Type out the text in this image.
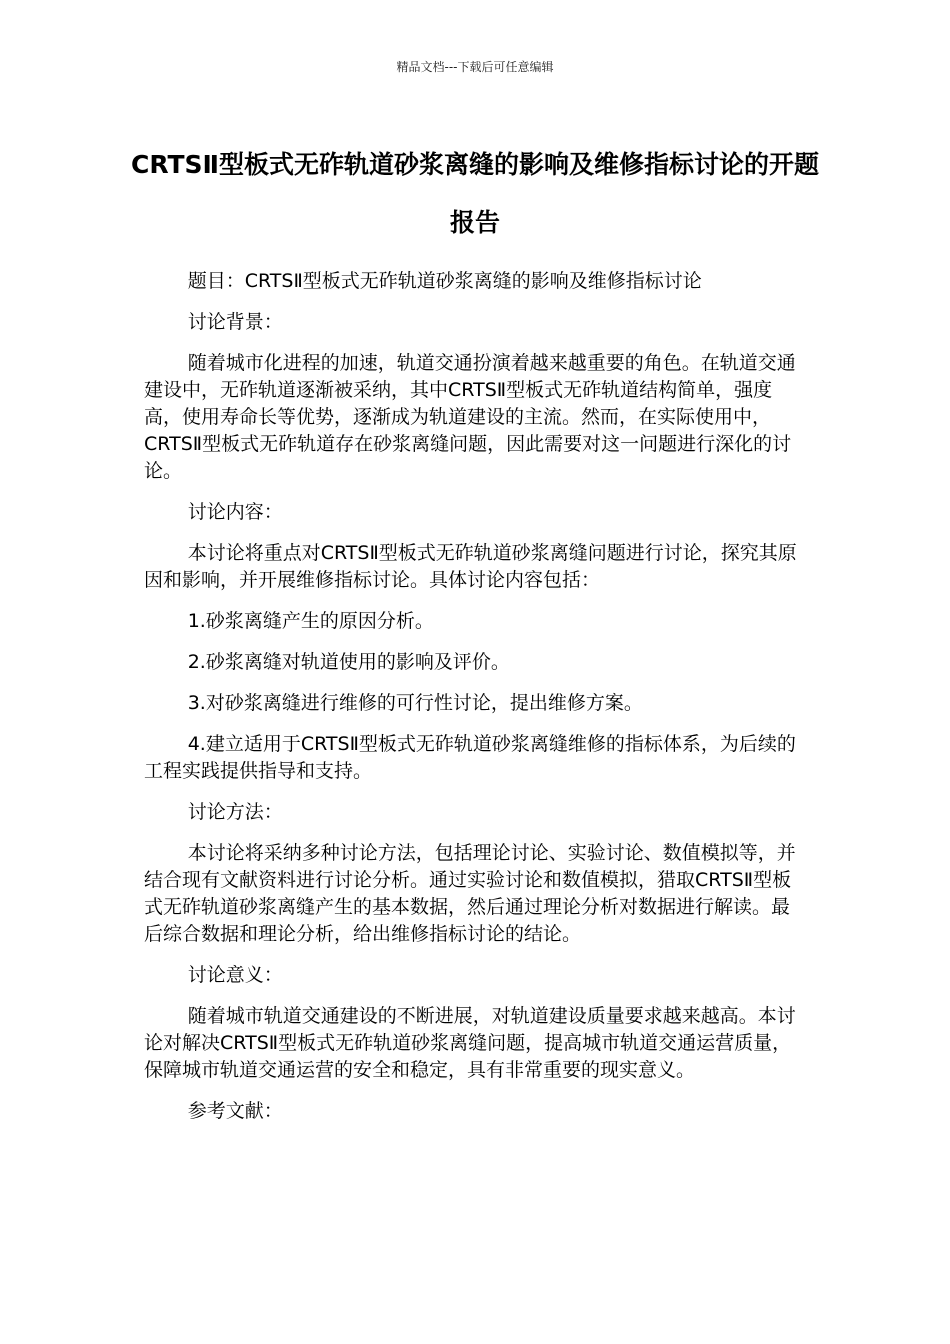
精品文档---下载后可任意编辑
CRTSⅡ型板式无砟轨道砂浆离缝的影响及维修指标讨论的开题报告

题目：CRTSⅡ型板式无砟轨道砂浆离缝的影响及维修指标讨论

讨论背景：

随着城市化进程的加速，轨道交通扮演着越来越重要的角色。在轨道交通建设中，无砟轨道逐渐被采纳，其中CRTSⅡ型板式无砟轨道结构简单，强度高，使用寿命长等优势，逐渐成为轨道建设的主流。然而，在实际使用中，CRTSⅡ型板式无砟轨道存在砂浆离缝问题，因此需要对这一问题进行深化的讨论。

讨论内容：

本讨论将重点对CRTSⅡ型板式无砟轨道砂浆离缝问题进行讨论，探究其原因和影响，并开展维修指标讨论。具体讨论内容包括：

1.砂浆离缝产生的原因分析。

2.砂浆离缝对轨道使用的影响及评价。

3.对砂浆离缝进行维修的可行性讨论，提出维修方案。

4.建立适用于CRTSⅡ型板式无砟轨道砂浆离缝维修的指标体系，为后续的工程实践提供指导和支持。

讨论方法：

本讨论将采纳多种讨论方法，包括理论讨论、实验讨论、数值模拟等，并结合现有文献资料进行讨论分析。通过实验讨论和数值模拟，猎取CRTSⅡ型板式无砟轨道砂浆离缝产生的基本数据，然后通过理论分析对数据进行解读。最后综合数据和理论分析，给出维修指标讨论的结论。

讨论意义：

随着城市轨道交通建设的不断进展，对轨道建设质量要求越来越高。本讨论对解决CRTSⅡ型板式无砟轨道砂浆离缝问题，提高城市轨道交通运营质量，保障城市轨道交通运营的安全和稳定，具有非常重要的现实意义。

参考文献：
